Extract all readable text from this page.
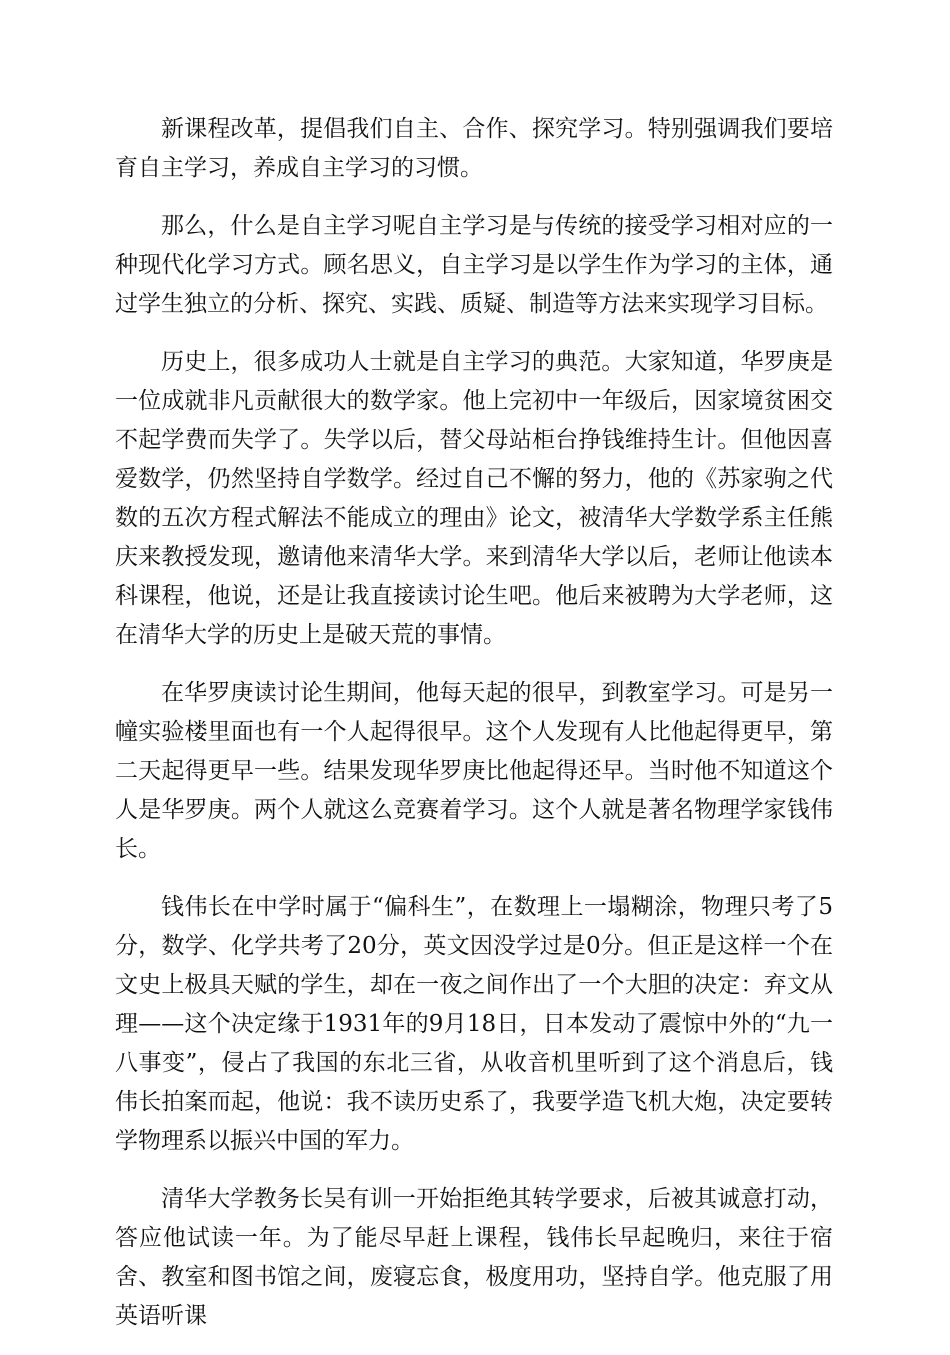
新课程改革，提倡我们自主、合作、探究学习。特别强调我们要培育自主学习，养成自主学习的习惯。

那么，什么是自主学习呢自主学习是与传统的接受学习相对应的一种现代化学习方式。顾名思义，自主学习是以学生作为学习的主体，通过学生独立的分析、探究、实践、质疑、制造等方法来实现学习目标。

历史上，很多成功人士就是自主学习的典范。大家知道，华罗庚是一位成就非凡贡献很大的数学家。他上完初中一年级后，因家境贫困交不起学费而失学了。失学以后，替父母站柜台挣钱维持生计。但他因喜爱数学，仍然坚持自学数学。经过自己不懈的努力，他的《苏家驹之代数的五次方程式解法不能成立的理由》论文，被清华大学数学系主任熊庆来教授发现，邀请他来清华大学。来到清华大学以后，老师让他读本科课程，他说，还是让我直接读讨论生吧。他后来被聘为大学老师，这在清华大学的历史上是破天荒的事情。

在华罗庚读讨论生期间，他每天起的很早，到教室学习。可是另一幢实验楼里面也有一个人起得很早。这个人发现有人比他起得更早，第二天起得更早一些。结果发现华罗庚比他起得还早。当时他不知道这个人是华罗庚。两个人就这么竞赛着学习。这个人就是著名物理学家钱伟长。

钱伟长在中学时属于“偏科生”，在数理上一塌糊涂，物理只考了5分，数学、化学共考了20分，英文因没学过是0分。但正是这样一个在文史上极具天赋的学生，却在一夜之间作出了一个大胆的决定：弃文从理——这个决定缘于1931年的9月18日，日本发动了震惊中外的“九一八事变”，侵占了我国的东北三省，从收音机里听到了这个消息后，钱伟长拍案而起，他说：我不读历史系了，我要学造飞机大炮，决定要转学物理系以振兴中国的军力。

清华大学教务长吴有训一开始拒绝其转学要求，后被其诚意打动，答应他试读一年。为了能尽早赶上课程，钱伟长早起晚归，来往于宿舍、教室和图书馆之间，废寝忘食，极度用功，坚持自学。他克服了用英语听课
